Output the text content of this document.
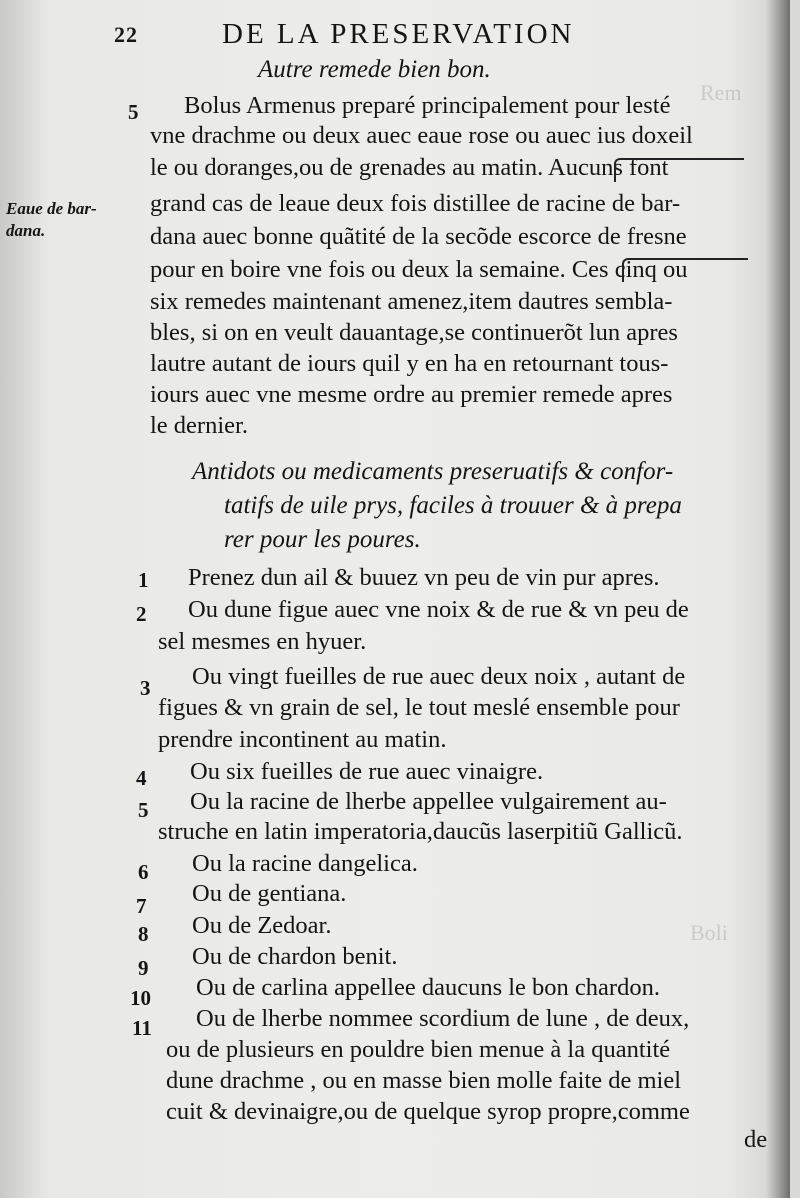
Rem
Boli
22	DE LA PRESERVATION
Autre remede bien bon.
5 Bolus Armenus preparé principalement pour lesté
vne drachme ou deux auec eaue rose ou auec ius doxeil
le ou doranges,ou de grenades au matin. Aucuns font
grand cas de leaue deux fois distillee de racine de bar-
dana auec bonne quãtité de la secõde escorce de fresne
pour en boire vne fois ou deux la semaine. Ces cinq ou
six remedes maintenant amenez,item dautres sembla-
bles, si on en veult dauantage,se continuerõt lun apres
lautre autant de iours quil y en ha en retournant tous-
iours auec vne mesme ordre au premier remede apres
le dernier.
Eaue de bar-
dana.
Antidots ou medicaments preseruatifs & confor-
tatifs de uile prys, faciles à trouuer & à prepa
rer pour les poures.
1 Prenez dun ail & buuez vn peu de vin pur apres.
2 Ou dune figue auec vne noix & de rue & vn peu de
sel mesmes en hyuer.
3 Ou vingt fueilles de rue auec deux noix , autant de
figues & vn grain de sel, le tout meslé ensemble pour
prendre incontinent au matin.
4 Ou six fueilles de rue auec vinaigre.
5 Ou la racine de lherbe appellee vulgairement au-
struche en latin imperatoria,daucũs laserpitiũ Gallicũ.
6 Ou la racine dangelica.
7 Ou de gentiana.
8 Ou de Zedoar.
9 Ou de chardon benit.
10 Ou de carlina appellee daucuns le bon chardon.
11 Ou de lherbe nommee scordium de lune , de deux,
ou de plusieurs en pouldre bien menue à la quantité
dune drachme , ou en masse bien molle faite de miel
cuit & devinaigre,ou de quelque syrop propre,comme
de
